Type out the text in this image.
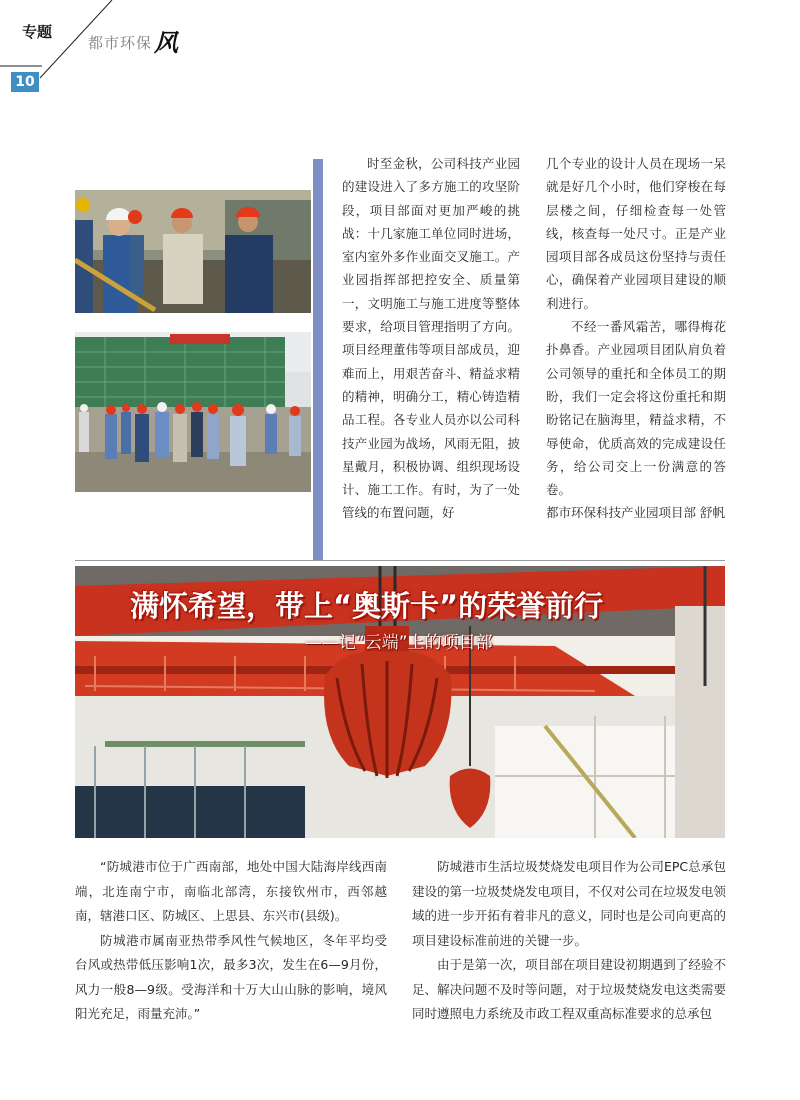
专题
都市环保风
10

时至金秋，公司科技产业园的建设进入了多方施工的攻坚阶段，项目部面对更加严峻的挑战：十几家施工单位同时进场，室内室外多作业面交叉施工。产业园指挥部把控安全、质量第一，文明施工与施工进度等整体要求，给项目管理指明了方向。项目经理董伟等项目部成员，迎难而上，用艰苦奋斗、精益求精的精神，明确分工，精心铸造精品工程。各专业人员亦以公司科技产业园为战场，风雨无阻，披星戴月，积极协调、组织现场设计、施工工作。有时，为了一处管线的布置问题，好

几个专业的设计人员在现场一呆就是好几个小时，他们穿梭在每层楼之间，仔细检查每一处管线，核查每一处尺寸。正是产业园项目部各成员这份坚持与责任心，确保着产业园项目建设的顺利进行。

不经一番风霜苦，哪得梅花扑鼻香。产业园项目团队肩负着公司领导的重托和全体员工的期盼，我们一定会将这份重托和期盼铭记在脑海里，精益求精，不辱使命，优质高效的完成建设任务，给公司交上一份满意的答卷。

都市环保科技产业园项目部 舒帆

满怀希望，带上“奥斯卡”的荣誉前行
——记“云端”上的项目部

“防城港市位于广西南部，地处中国大陆海岸线西南端，北连南宁市，南临北部湾，东接钦州市，西邻越南，辖港口区、防城区、上思县、东兴市(县级)。

防城港市属南亚热带季风性气候地区，冬年平均受台风或热带低压影响1次，最多3次，发生在6—9月份，风力一般8—9级。受海洋和十万大山山脉的影响，境风阳光充足，雨量充沛。”

防城港市生活垃圾焚烧发电项目作为公司EPC总承包建设的第一垃圾焚烧发电项目，不仅对公司在垃圾发电领域的进一步开拓有着非凡的意义，同时也是公司向更高的项目建设标准前进的关键一步。

由于是第一次，项目部在项目建设初期遇到了经验不足、解决问题不及时等问题，对于垃圾焚烧发电这类需要同时遵照电力系统及市政工程双重高标准要求的总承包
